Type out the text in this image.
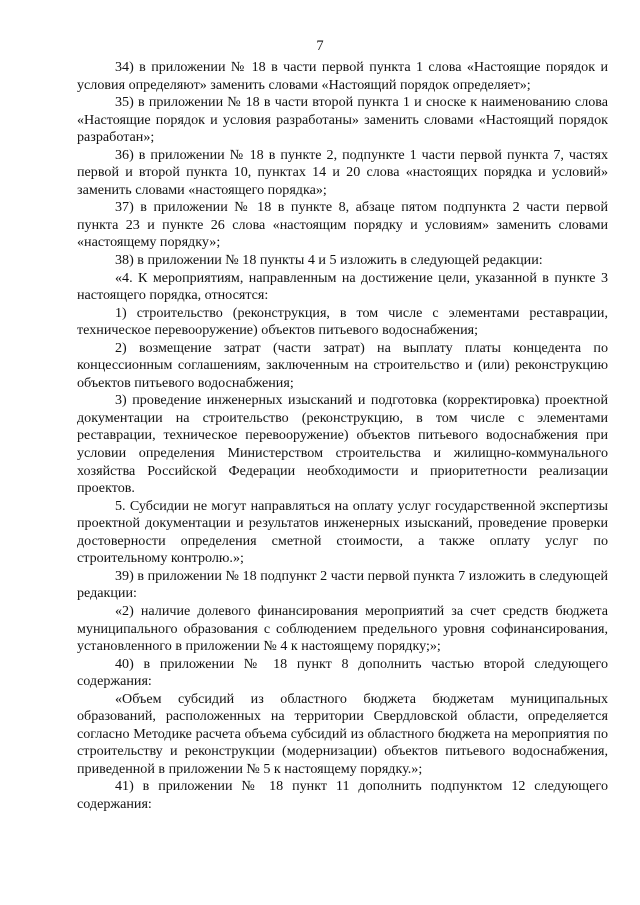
7

34) в приложении № 18 в части первой пункта 1 слова «Настоящие порядок и условия определяют» заменить словами «Настоящий порядок определяет»;

35) в приложении № 18 в части второй пункта 1 и сноске к наименованию слова «Настоящие порядок и условия разработаны» заменить словами «Настоящий порядок разработан»;

36) в приложении № 18 в пункте 2, подпункте 1 части первой пункта 7, частях первой и второй пункта 10, пунктах 14 и 20 слова «настоящих порядка и условий» заменить словами «настоящего порядка»;

37) в приложении № 18 в пункте 8, абзаце пятом подпункта 2 части первой пункта 23 и пункте 26 слова «настоящим порядку и условиям» заменить словами «настоящему порядку»;

38) в приложении № 18 пункты 4 и 5 изложить в следующей редакции:

«4. К мероприятиям, направленным на достижение цели, указанной в пункте 3 настоящего порядка, относятся:

1) строительство (реконструкция, в том числе с элементами реставрации, техническое перевооружение) объектов питьевого водоснабжения;

2) возмещение затрат (части затрат) на выплату платы концедента по концессионным соглашениям, заключенным на строительство и (или) реконструкцию объектов питьевого водоснабжения;

3) проведение инженерных изысканий и подготовка (корректировка) проектной документации на строительство (реконструкцию, в том числе с элементами реставрации, техническое перевооружение) объектов питьевого водоснабжения при условии определения Министерством строительства и жилищно-коммунального хозяйства Российской Федерации необходимости и приоритетности реализации проектов.

5. Субсидии не могут направляться на оплату услуг государственной экспертизы проектной документации и результатов инженерных изысканий, проведение проверки достоверности определения сметной стоимости, а также оплату услуг по строительному контролю.»;

39) в приложении № 18 подпункт 2 части первой пункта 7 изложить в следующей редакции:

«2) наличие долевого финансирования мероприятий за счет средств бюджета муниципального образования с соблюдением предельного уровня софинансирования, установленного в приложении № 4 к настоящему порядку;»;

40) в приложении № 18 пункт 8 дополнить частью второй следующего содержания:

«Объем субсидий из областного бюджета бюджетам муниципальных образований, расположенных на территории Свердловской области, определяется согласно Методике расчета объема субсидий из областного бюджета на мероприятия по строительству и реконструкции (модернизации) объектов питьевого водоснабжения, приведенной в приложении № 5 к настоящему порядку.»;

41) в приложении № 18 пункт 11 дополнить подпунктом 12 следующего содержания:
